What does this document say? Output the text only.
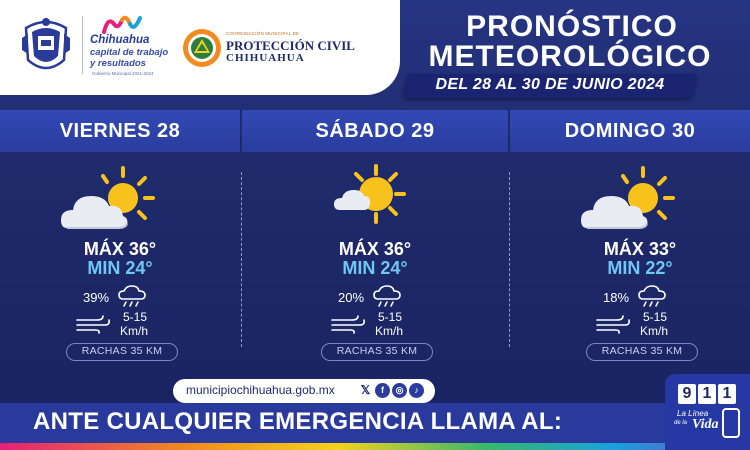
Chihuahua
capital de trabajo
y resultados
Gobierno Municipal 2021-2024
COORDINACIÓN MUNICIPAL DE
PROTECCIÓN CIVIL
CHIHUAHUA
PRONÓSTICO
METEOROLÓGICO
DEL 28 AL 30 DE JUNIO 2024
VIERNES 28	SÁBADO 29	DOMINGO 30
MÁX 36°
MIN 24°
39%
5-15
Km/h
RACHAS 35 KM
MÁX 36°
MIN 24°
20%
5-15
Km/h
RACHAS 35 KM
MÁX 33°
MIN 22°
18%
5-15
Km/h
RACHAS 35 KM
municipiochihuahua.gob.mx 𝕏	f	◎	♪
ANTE CUALQUIER EMERGENCIA LLAMA AL:
9 1 1
La Línea
de la Vida
